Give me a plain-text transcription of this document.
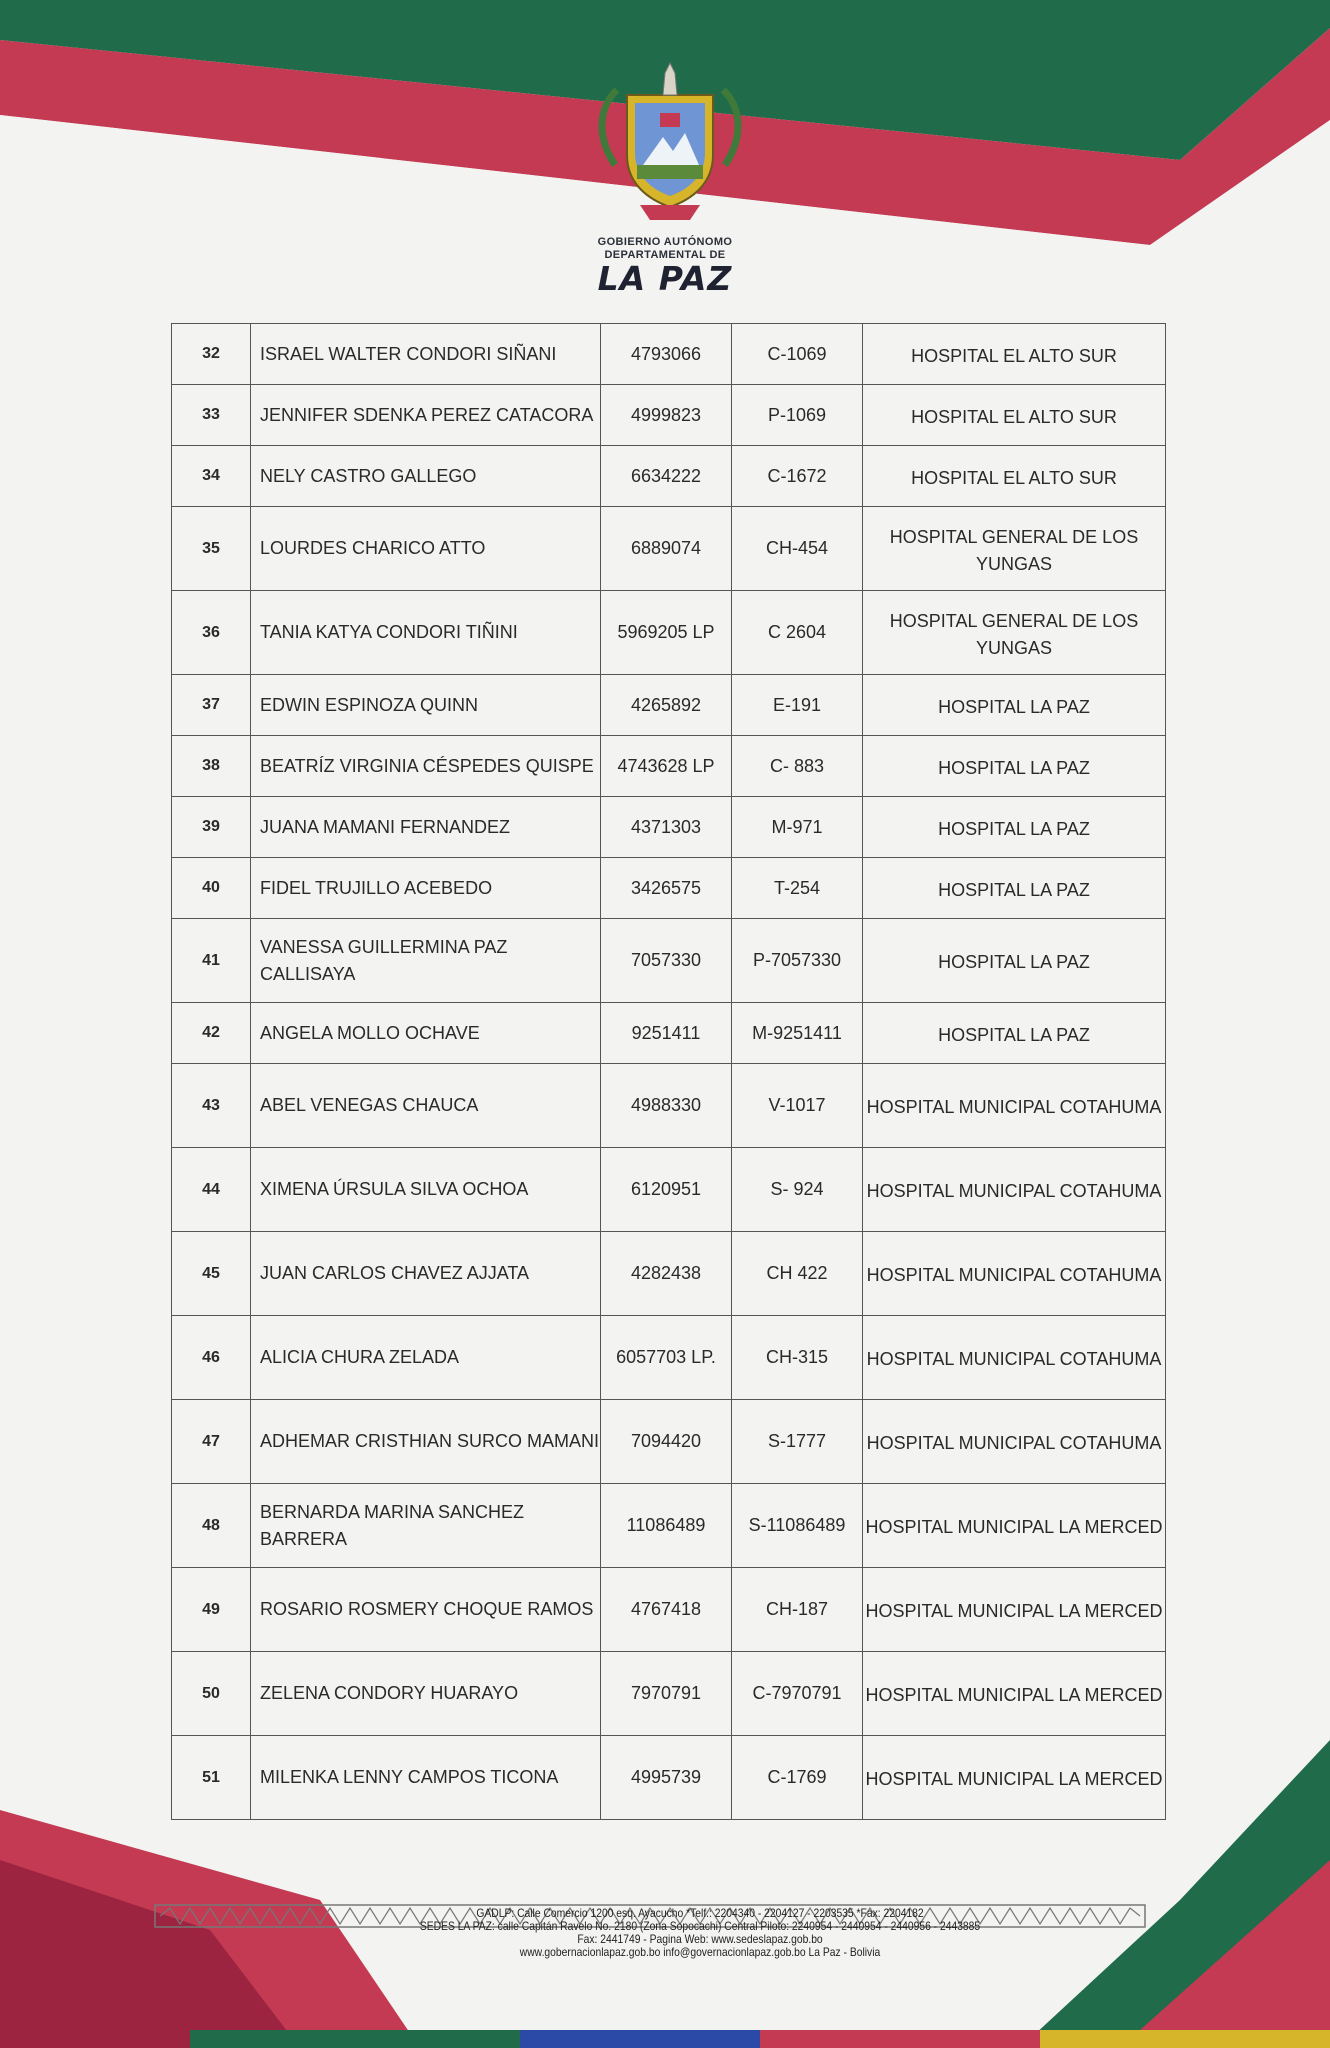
GOBIERNO AUTÓNOMO
DEPARTAMENTAL DE
LA PAZ
32	ISRAEL WALTER CONDORI SIÑANI	4793066	C-1069	HOSPITAL EL ALTO SUR
33	JENNIFER SDENKA PEREZ CATACORA	4999823	P-1069	HOSPITAL EL ALTO SUR
34	NELY CASTRO GALLEGO	6634222	C-1672	HOSPITAL EL ALTO SUR
35	LOURDES CHARICO ATTO	6889074	CH-454	HOSPITAL GENERAL DE LOS YUNGAS
36	TANIA KATYA CONDORI TIÑINI	5969205 LP	C 2604	HOSPITAL GENERAL DE LOS YUNGAS
37	EDWIN ESPINOZA QUINN	4265892	E-191	HOSPITAL LA PAZ
38	BEATRÍZ VIRGINIA CÉSPEDES QUISPE	4743628 LP	C- 883	HOSPITAL LA PAZ
39	JUANA MAMANI FERNANDEZ	4371303	M-971	HOSPITAL LA PAZ
40	FIDEL TRUJILLO ACEBEDO	3426575	T-254	HOSPITAL LA PAZ
41	VANESSA GUILLERMINA PAZ CALLISAYA	7057330	P-7057330	HOSPITAL LA PAZ
42	ANGELA MOLLO OCHAVE	9251411	M-9251411	HOSPITAL LA PAZ
43	ABEL VENEGAS CHAUCA	4988330	V-1017	HOSPITAL MUNICIPAL COTAHUMA
44	XIMENA ÚRSULA SILVA OCHOA	6120951	S- 924	HOSPITAL MUNICIPAL COTAHUMA
45	JUAN CARLOS CHAVEZ AJJATA	4282438	CH 422	HOSPITAL MUNICIPAL COTAHUMA
46	ALICIA CHURA ZELADA	6057703 LP.	CH-315	HOSPITAL MUNICIPAL COTAHUMA
47	ADHEMAR CRISTHIAN SURCO MAMANI	7094420	S-1777	HOSPITAL MUNICIPAL COTAHUMA
48	BERNARDA MARINA SANCHEZ BARRERA	11086489	S-11086489	HOSPITAL MUNICIPAL LA MERCED
49	ROSARIO ROSMERY CHOQUE RAMOS	4767418	CH-187	HOSPITAL MUNICIPAL LA MERCED
50	ZELENA CONDORY HUARAYO	7970791	C-7970791	HOSPITAL MUNICIPAL LA MERCED
51	MILENKA LENNY CAMPOS TICONA	4995739	C-1769	HOSPITAL MUNICIPAL LA MERCED
GADLP: Calle Comercio 1200 esq. Ayacucho *Telf.: 2204340 - 2204127 - 2203535 *Fax: 2204182
SEDES LA PAZ: calle Capitán Ravelo No. 2180 (Zona Sopocachi) Central Piloto: 2240954 - 2440954 - 2440956 - 2443885
Fax: 2441749 - Pagina Web: www.sedeslapaz.gob.bo
www.gobernacionlapaz.gob.bo info@governacionlapaz.gob.bo La Paz - Bolivia
